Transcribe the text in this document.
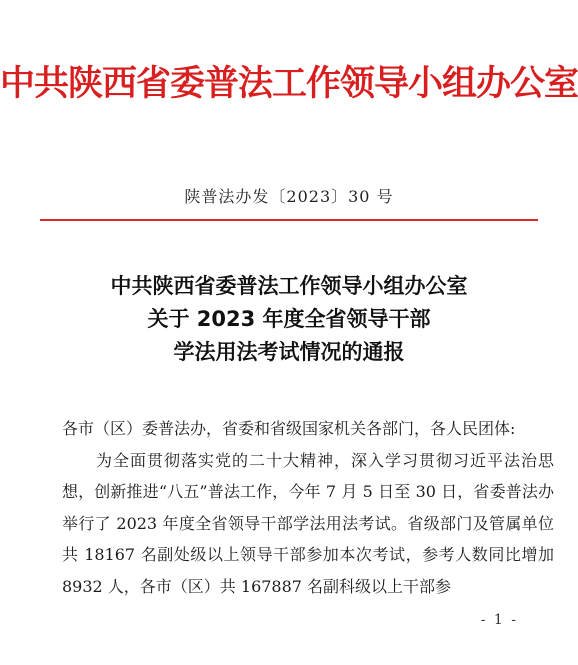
中共陕西省委普法工作领导小组办公室
陕普法办发〔2023〕30 号
中共陕西省委普法工作领导小组办公室
关于 2023 年度全省领导干部
学法用法考试情况的通报

各市（区）委普法办，省委和省级国家机关各部门，各人民团体:

为全面贯彻落实党的二十大精神，深入学习贯彻习近平法治思想，创新推进“八五”普法工作，今年 7 月 5 日至 30 日，省委普法办举行了 2023 年度全省领导干部学法用法考试。省级部门及管属单位共 18167 名副处级以上领导干部参加本次考试，参考人数同比增加 8932 人，各市（区）共 167887 名副科级以上干部参

- 1 -
